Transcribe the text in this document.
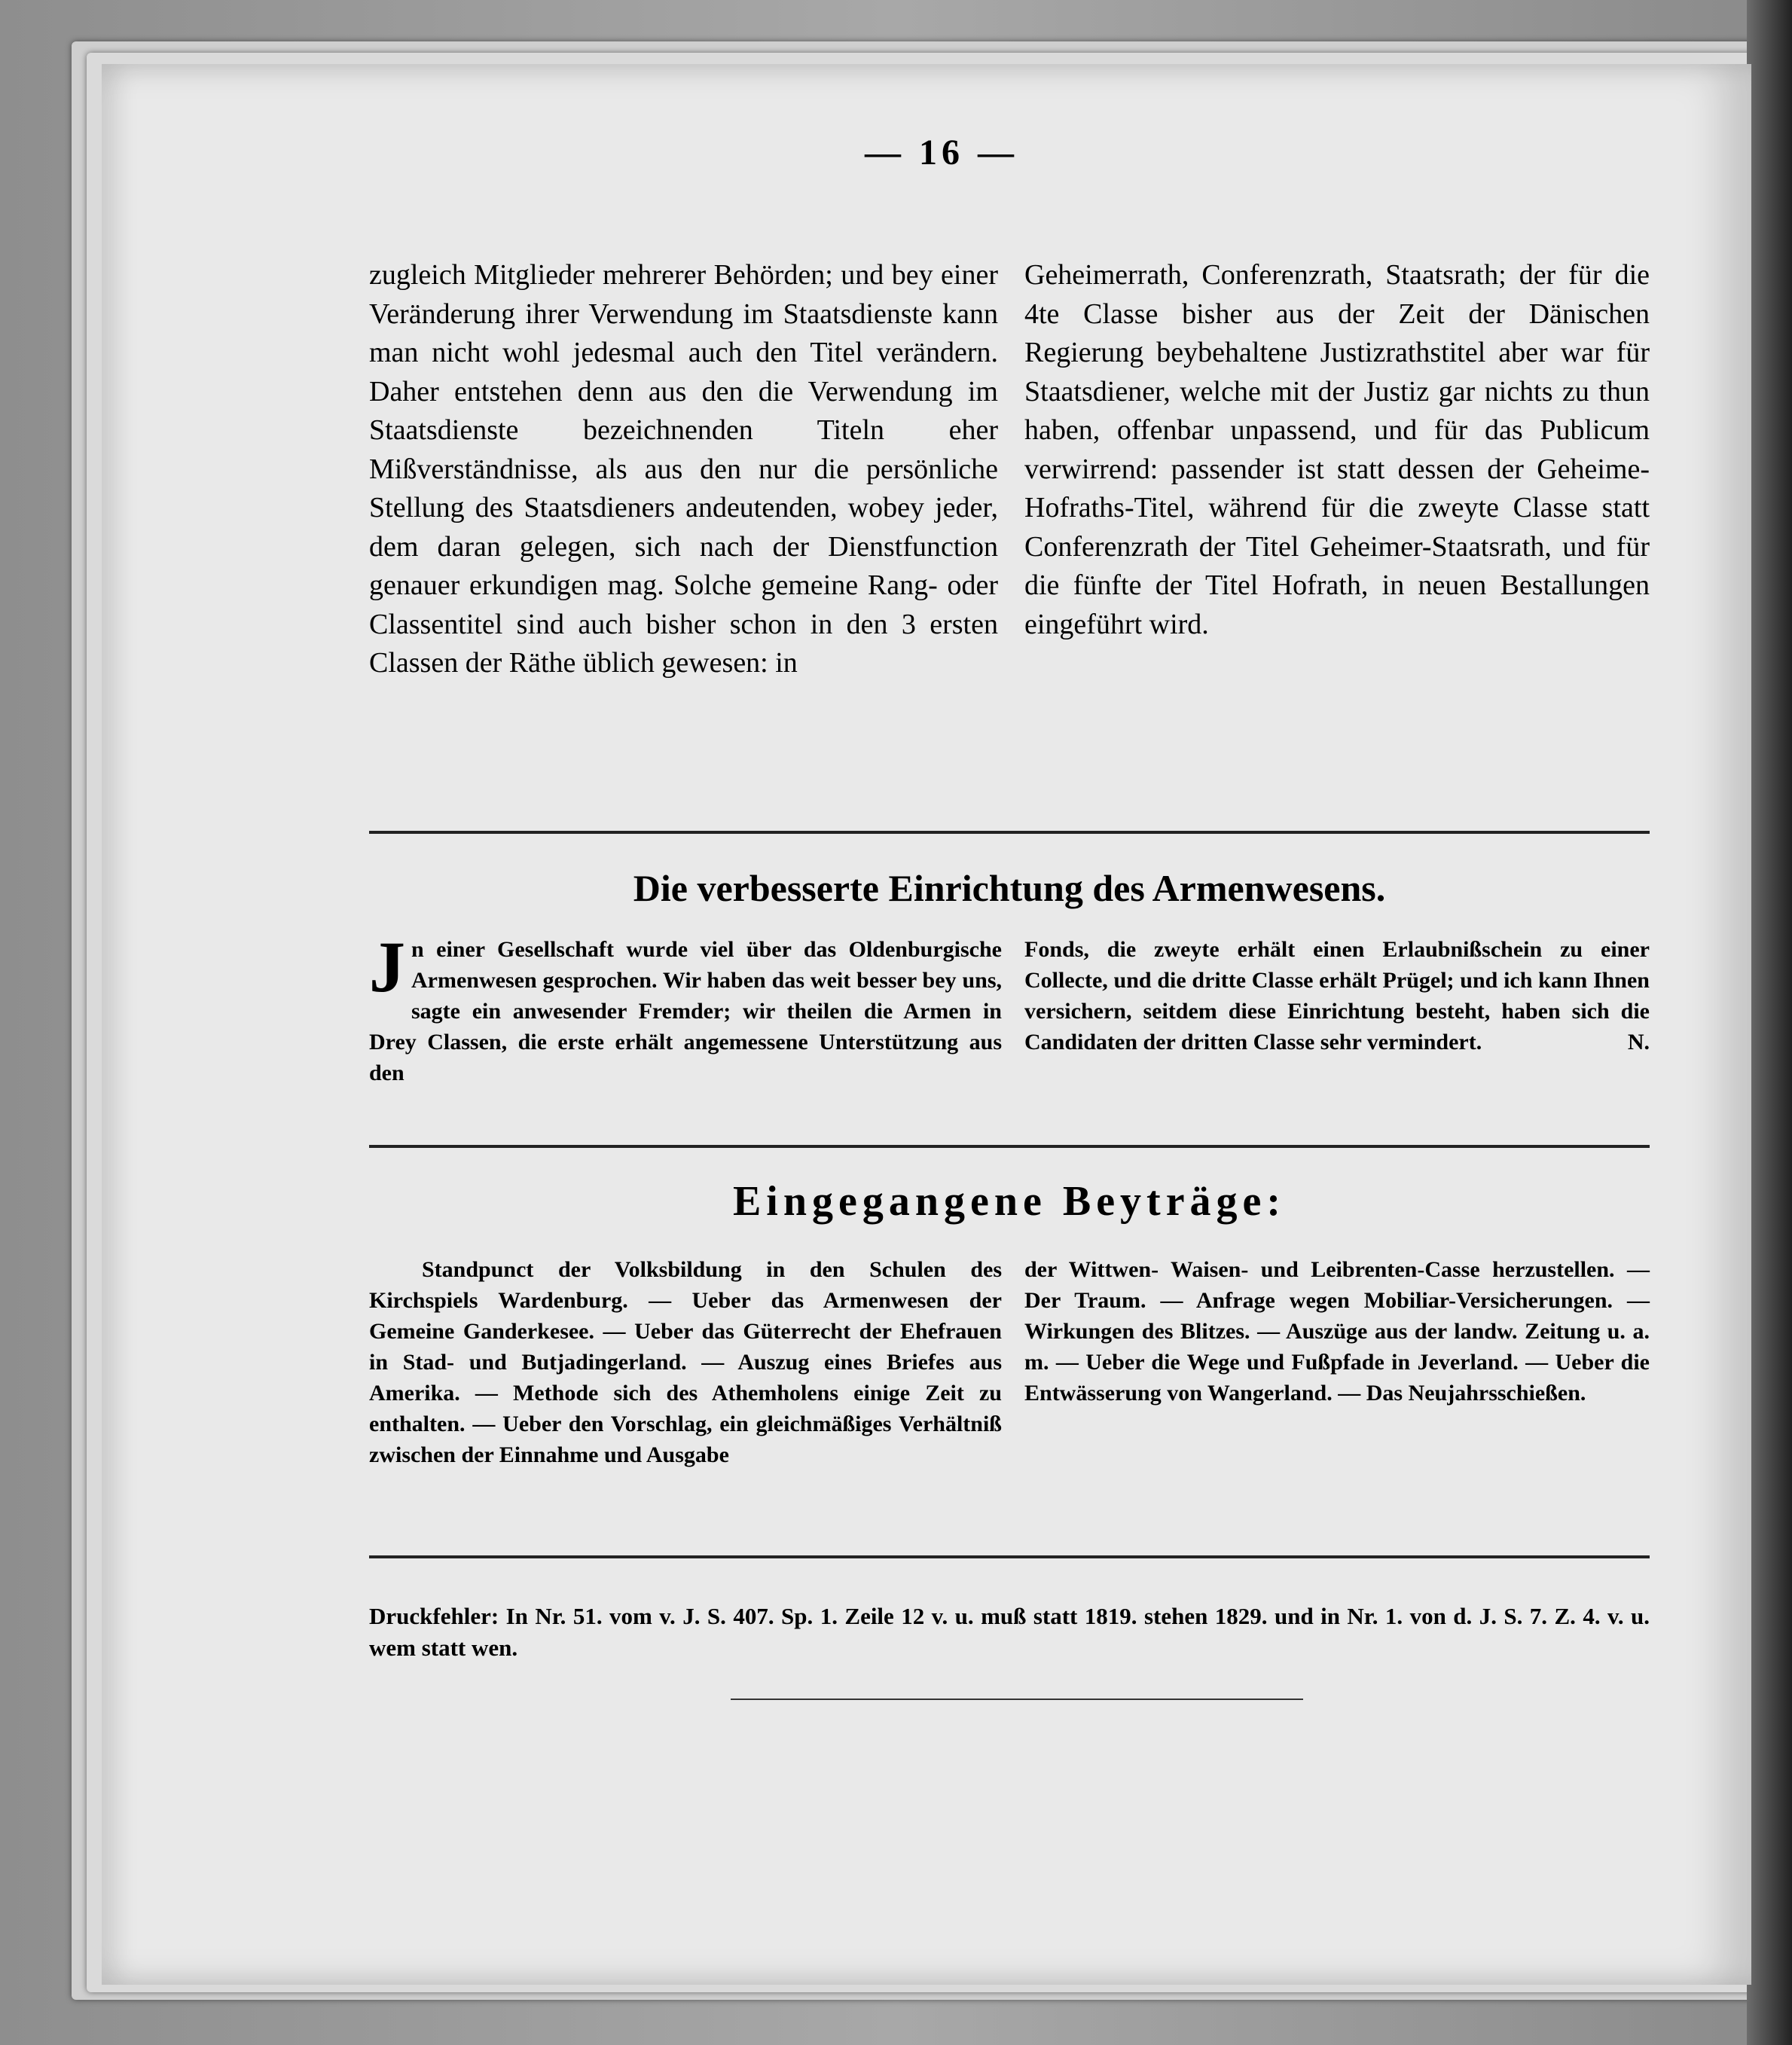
— 16 —

zugleich Mitglieder mehrerer Behörden; und bey einer Veränderung ihrer Verwendung im Staatsdienste kann man nicht wohl jedesmal auch den Titel verändern. Daher entstehen denn aus den die Verwendung im Staatsdienste bezeichnenden Titeln eher Mißverständnisse, als aus den nur die persönliche Stellung des Staatsdieners andeutenden, wobey jeder, dem daran gelegen, sich nach der Dienstfunction genauer erkundigen mag. Solche gemeine Rang- oder Classentitel sind auch bisher schon in den 3 ersten Classen der Räthe üblich gewesen: in

Geheimerrath, Conferenzrath, Staatsrath; der für die 4te Classe bisher aus der Zeit der Dänischen Regierung beybehaltene Justizrathstitel aber war für Staatsdiener, welche mit der Justiz gar nichts zu thun haben, offenbar unpassend, und für das Publicum verwirrend: passender ist statt dessen der Geheime-Hofraths-Titel, während für die zweyte Classe statt Conferenzrath der Titel Geheimer-Staatsrath, und für die fünfte der Titel Hofrath, in neuen Bestallungen eingeführt wird.

Die verbesserte Einrichtung des Armenwesens.
J n einer Gesellschaft wurde viel über das Oldenburgische Armenwesen gesprochen. Wir haben das weit besser bey uns, sagte ein anwesender Fremder; wir theilen die Armen in Drey Classen, die erste erhält angemessene Unterstützung aus den

Fonds, die zweyte erhält einen Erlaubnißschein zu einer Collecte, und die dritte Classe erhält Prügel; und ich kann Ihnen versichern, seitdem diese Einrichtung besteht, haben sich die Candidaten der dritten Classe sehr vermindert.	N.

Eingegangene Beyträge:

Standpunct der Volksbildung in den Schulen des Kirchspiels Wardenburg. — Ueber das Armenwesen der Gemeine Ganderkesee. — Ueber das Güterrecht der Ehefrauen in Stad- und Butjadingerland. — Auszug eines Briefes aus Amerika. — Methode sich des Athemholens einige Zeit zu enthalten. — Ueber den Vorschlag, ein gleichmäßiges Verhältniß zwischen der Einnahme und Ausgabe

der Wittwen- Waisen- und Leibrenten-Casse herzustellen. — Der Traum. — Anfrage wegen Mobiliar-Versicherungen. — Wirkungen des Blitzes. — Auszüge aus der landw. Zeitung u. a. m. — Ueber die Wege und Fußpfade in Jeverland. — Ueber die Entwässerung von Wangerland. — Das Neujahrsschießen.

Druckfehler: In Nr. 51. vom v. J. S. 407. Sp. 1. Zeile 12 v. u. muß statt 1819. stehen 1829. und in Nr. 1. von d. J. S. 7. Z. 4. v. u. wem statt wen.
